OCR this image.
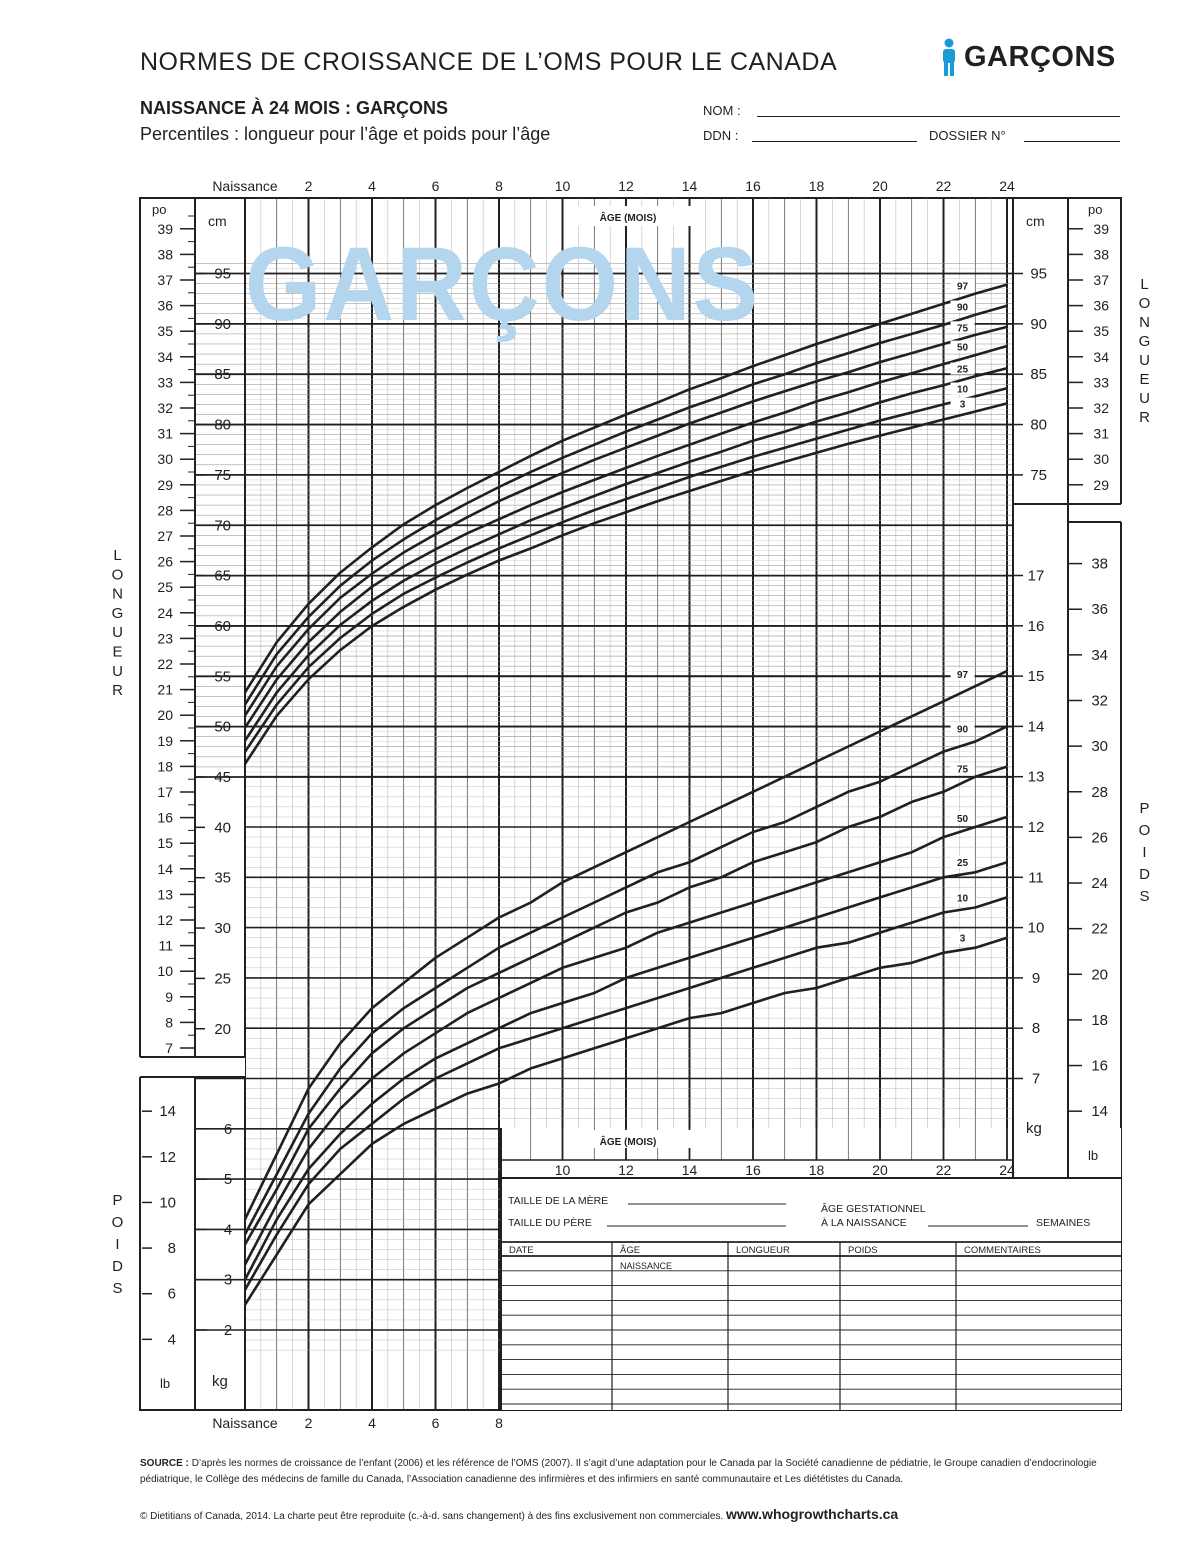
NORMES DE CROISSANCE DE L’OMS POUR LE CANADA	GARÇONS
NAISSANCE À 24 MOIS : GARÇONS
Percentiles : longueur pour l’âge et poids pour l’âge
NOM :
DDN :	DOSSIER N°
GARÇONS	97
90
75
50
25
10
3
97
90
75
50
25
10
3
10	12	14	16	18	20	22	24
ÂGE (MOIS)
TAILLE DE LA MÈRE
TAILLE DU PÈRE
ÂGE GESTATIONNEL
À LA NAISSANCE	SEMAINES
DATE	ÂGE	LONGUEUR	POIDS	COMMENTAIRES
NAISSANCE
39
38
37
36
35
34
33
32
31
30
29
28
27
26
25
24
23
22
21
20
19
18
17
16
15
14
13
12
11
10
9
8
7
po
95
90
85
80
75
70
65
60
55
50
45
40
35
30
25
20
cm	39
38
37
36
35
34
33
32
31
30
29
po
95
90
85
80
75
cm
14
12
10
8
6
4
lb
6
5
4
3
2
kg
17
16
15
14
13
12
11
10
9
8
7
kg
38
36
34
32
30
28
26
24
22
20
18
16
14
lb
Naissance 2	4	6	8	10	12	14	16	18	20	22	24
Naissance 2	4	6	8
ÂGE (MOIS)
L
O
N
G
U
E
U
R
L
O
N
G
U
E
U
R
P
O
I
D
S
P
O
I
D
S
SOURCE : D’après les normes de croissance de l’enfant (2006) et les référence de l’OMS (2007). Il s’agit d’une adaptation pour le Canada par la Société canadienne de pédiatrie, le Groupe canadien d’endocrinologie pédiatrique, le Collège des médecins de famille du Canada, l’Association canadienne des infirmières et des infirmiers en santé communautaire et Les diététistes du Canada.
© Dietitians of Canada, 2014. La charte peut être reproduite (c.-à-d. sans changement) à des fins exclusivement non commerciales. www.whogrowthcharts.ca
